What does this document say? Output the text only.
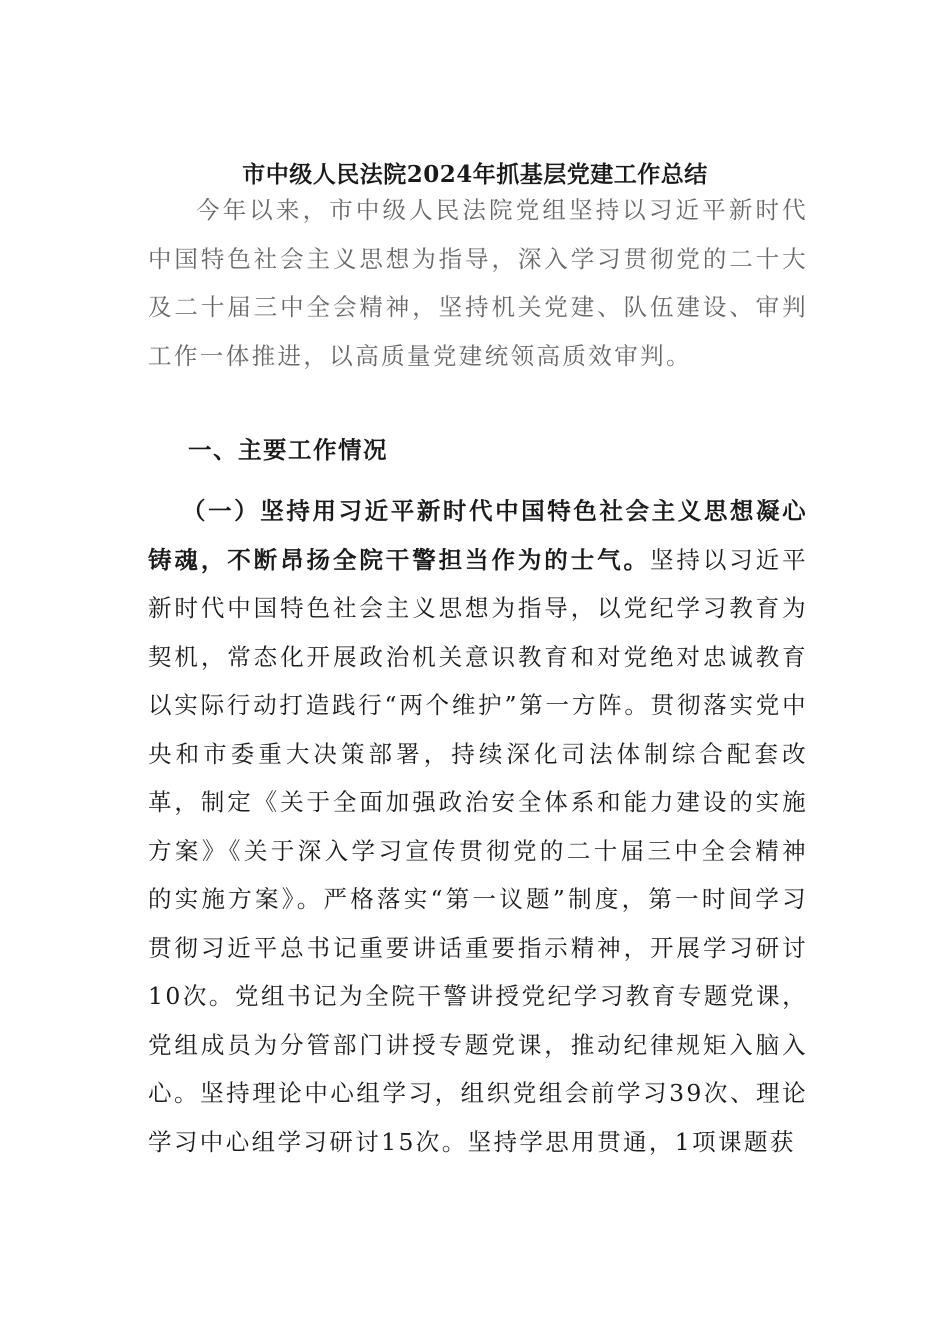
市中级人民法院2024年抓基层党建工作总结

今年以来，市中级人民法院党组坚持以习近平新时代中国特色社会主义思想为指导，深入学习贯彻党的二十大及二十届三中全会精神，坚持机关党建、队伍建设、审判工作一体推进，以高质量党建统领高质效审判。

一、主要工作情况

（一）坚持用习近平新时代中国特色社会主义思想凝心铸魂，不断昂扬全院干警担当作为的士气。坚持以习近平新时代中国特色社会主义思想为指导，以党纪学习教育为契机，常态化开展政治机关意识教育和对党绝对忠诚教育以实际行动打造践行“两个维护”第一方阵。贯彻落实党中央和市委重大决策部署，持续深化司法体制综合配套改革，制定《关于全面加强政治安全体系和能力建设的实施方案》《关于深入学习宣传贯彻党的二十届三中全会精神的实施方案》。严格落实“第一议题”制度，第一时间学习贯彻习近平总书记重要讲话重要指示精神，开展学习研讨10次。党组书记为全院干警讲授党纪学习教育专题党课，党组成员为分管部门讲授专题党课，推动纪律规矩入脑入心。坚持理论中心组学习，组织党组会前学习39次、理论学习中心组学习研讨15次。坚持学思用贯通，1项课题获
